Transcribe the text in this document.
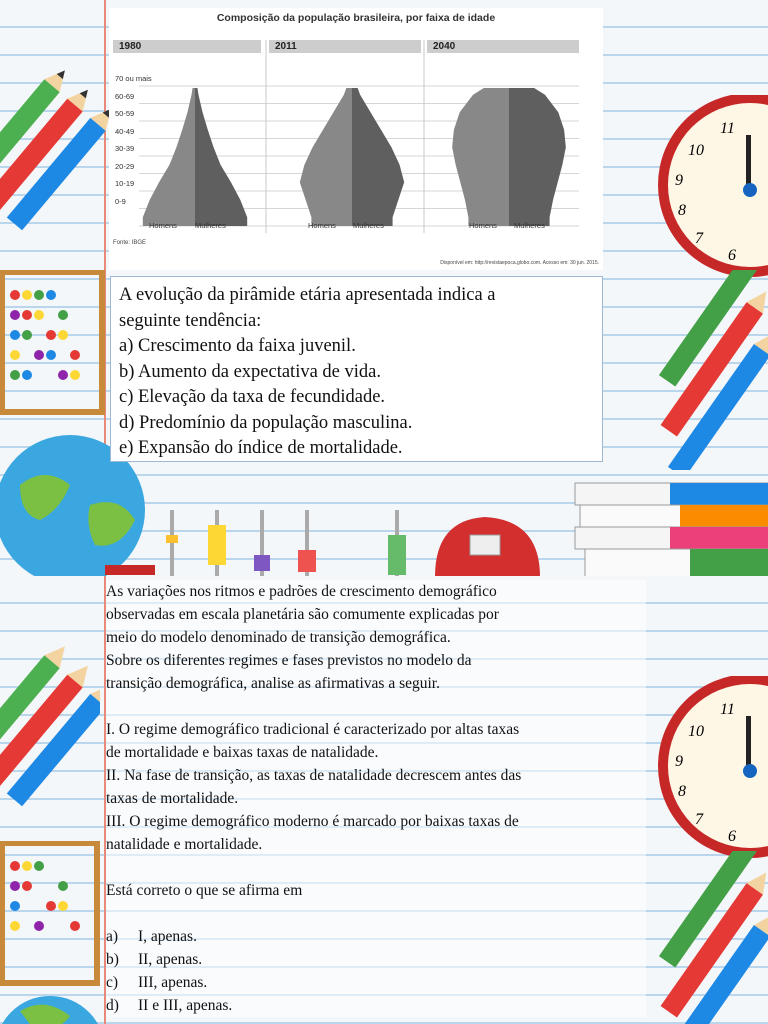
11
10
9
8
7
6
Composição da população brasileira, por faixa de idade
1980	2011	2040
70 ou mais
60-69
50-59
40-49
30-39
20-29
10-19
0-9
Homens Mulheres	Homens Mulheres	Homens Mulheres
Fonte: IBGE
Disponível em: http://revistaepoca.globo.com. Acesso em: 30 jun. 2015.
A evolução da pirâmide etária apresentada indica a
seguinte tendência:
a) Crescimento da faixa juvenil.
b) Aumento da expectativa de vida.
c) Elevação da taxa de fecundidade.
d) Predomínio da população masculina.
e) Expansão do índice de mortalidade.
11
10
9
8
7
6
As variações nos ritmos e padrões de crescimento demográfico
observadas em escala planetária são comumente explicadas por
meio do modelo denominado de transição demográfica.
Sobre os diferentes regimes e fases previstos no modelo da
transição demográfica, analise as afirmativas a seguir.
I. O regime demográfico tradicional é caracterizado por altas taxas
de mortalidade e baixas taxas de natalidade.
II. Na fase de transição, as taxas de natalidade decrescem antes das
taxas de mortalidade.
III. O regime demográfico moderno é marcado por baixas taxas de
natalidade e mortalidade.
Está correto o que se afirma em
a)	I, apenas.
b)	II, apenas.
c)	III, apenas.
d)	II e III, apenas.
